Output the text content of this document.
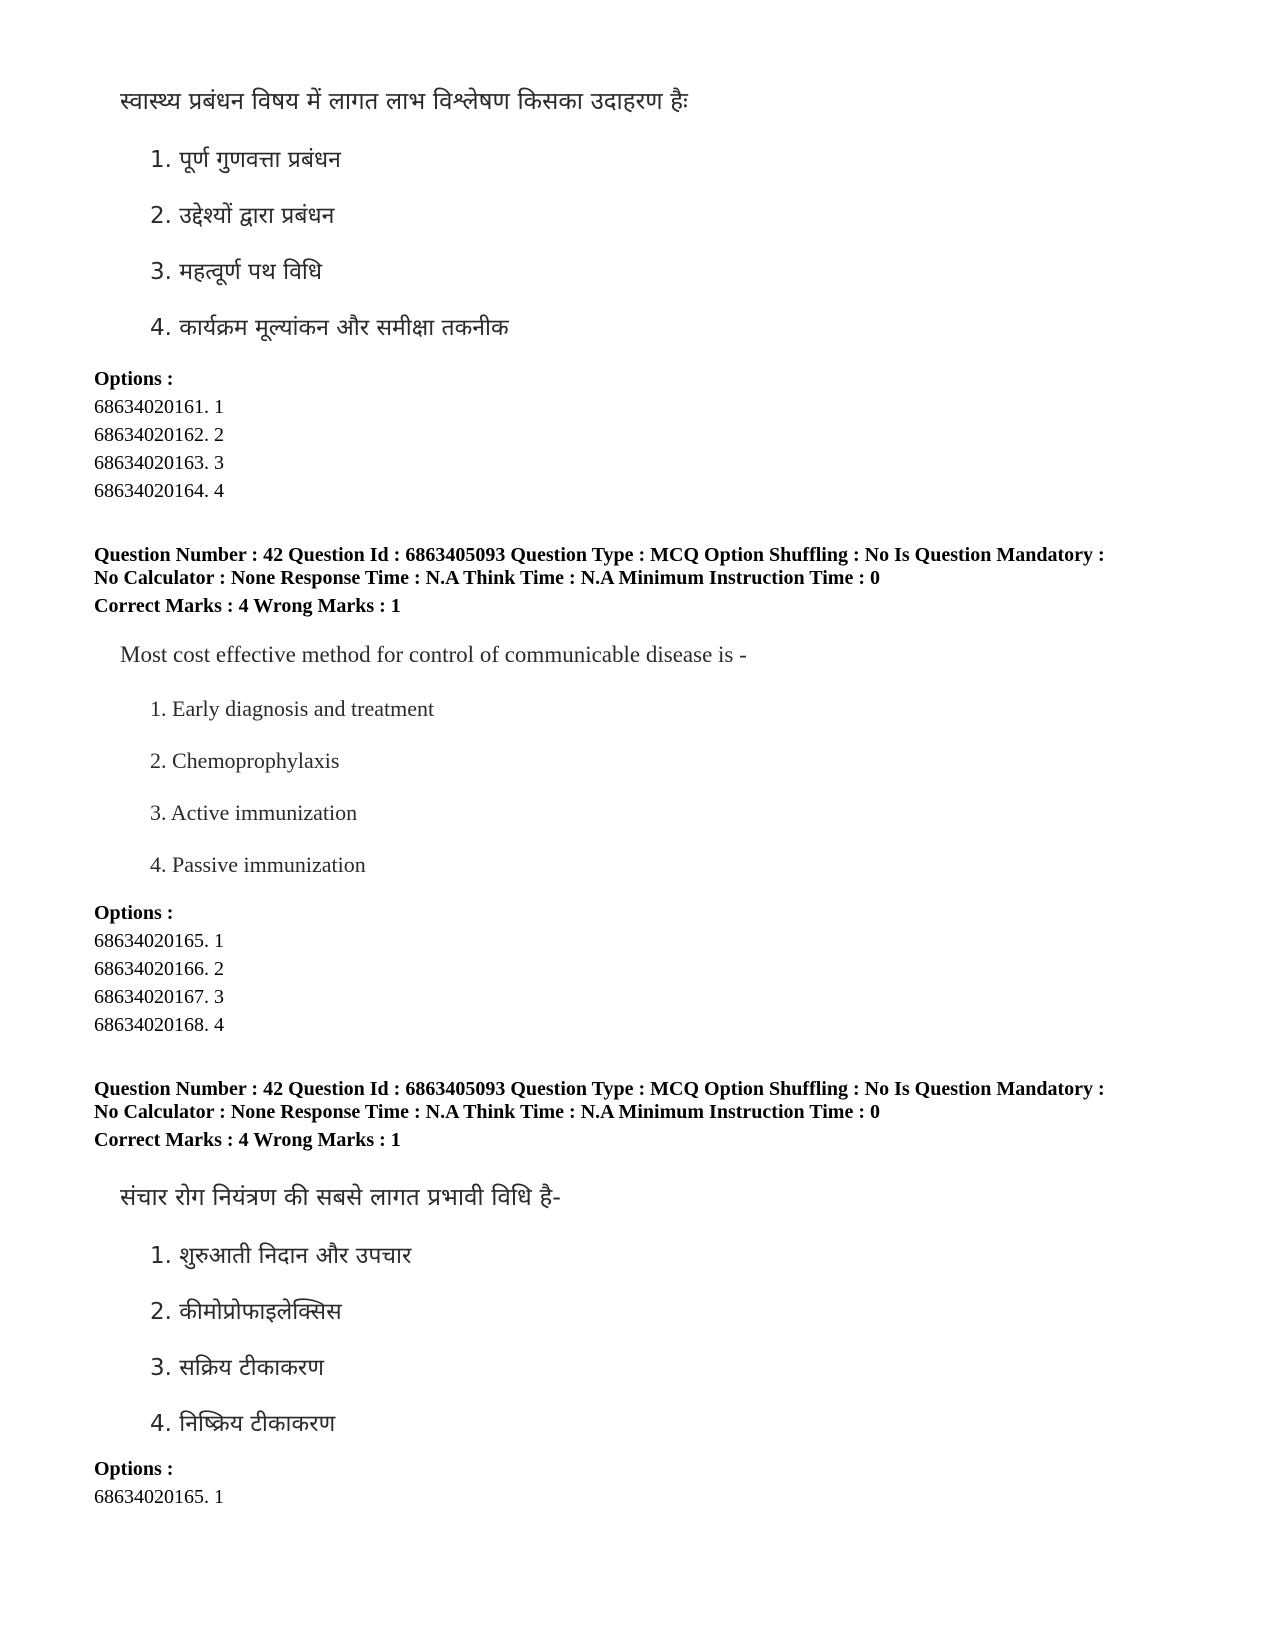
स्वास्थ्य प्रबंधन विषय में लागत लाभ विश्लेषण किसका उदाहरण हैः
1. पूर्ण गुणवत्ता प्रबंधन
2. उद्देश्यों द्वारा प्रबंधन
3. महत्वूर्ण पथ विधि
4. कार्यक्रम मूल्यांकन और समीक्षा तकनीक
Options :
68634020161. 1
68634020162. 2
68634020163. 3
68634020164. 4
Question Number : 42 Question Id : 6863405093 Question Type : MCQ Option Shuffling : No Is Question Mandatory :
No Calculator : None Response Time : N.A Think Time : N.A Minimum Instruction Time : 0
Correct Marks : 4 Wrong Marks : 1
Most cost effective method for control of communicable disease is -
1. Early diagnosis and treatment
2. Chemoprophylaxis
3. Active immunization
4. Passive immunization
Options :
68634020165. 1
68634020166. 2
68634020167. 3
68634020168. 4
Question Number : 42 Question Id : 6863405093 Question Type : MCQ Option Shuffling : No Is Question Mandatory :
No Calculator : None Response Time : N.A Think Time : N.A Minimum Instruction Time : 0
Correct Marks : 4 Wrong Marks : 1
संचार रोग नियंत्रण की सबसे लागत प्रभावी विधि है-
1. शुरुआती निदान और उपचार
2. कीमोप्रोफाइलेक्सिस
3. सक्रिय टीकाकरण
4. निष्क्रिय टीकाकरण
Options :
68634020165. 1
